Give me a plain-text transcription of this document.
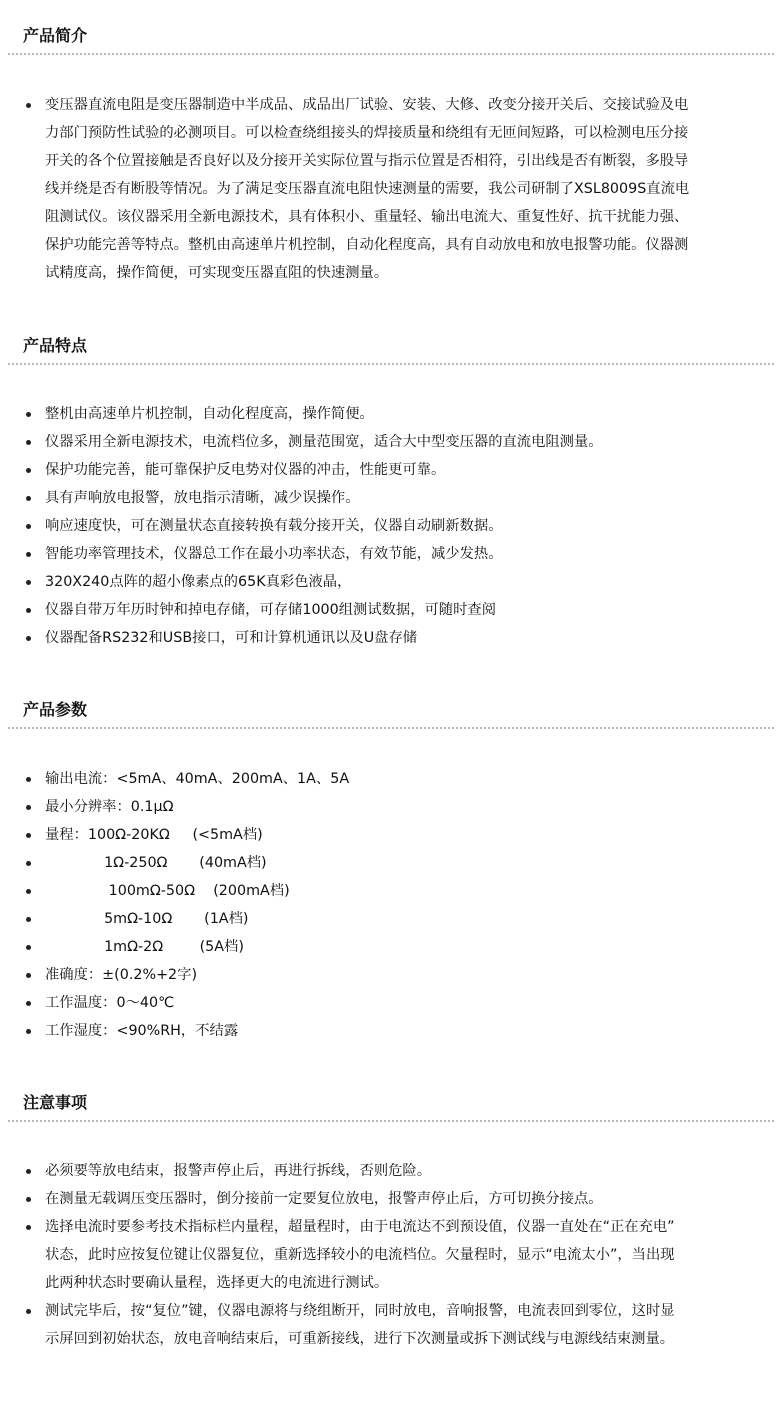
产品简介
变压器直流电阻是变压器制造中半成品、成品出厂试验、安装、大修、改变分接开关后、交接试验及电
力部门预防性试验的必测项目。可以检查绕组接头的焊接质量和绕组有无匝间短路，可以检测电压分接
开关的各个位置接触是否良好以及分接开关实际位置与指示位置是否相符，引出线是否有断裂，多股导
线并绕是否有断股等情况。为了满足变压器直流电阻快速测量的需要，我公司研制了XSL8009S直流电
阻测试仪。该仪器采用全新电源技术，具有体积小、重量轻、输出电流大、重复性好、抗干扰能力强、
保护功能完善等特点。整机由高速单片机控制，自动化程度高，具有自动放电和放电报警功能。仪器测
试精度高，操作简便，可实现变压器直阻的快速测量。
产品特点
整机由高速单片机控制，自动化程度高，操作简便。
仪器采用全新电源技术，电流档位多，测量范围宽，适合大中型变压器的直流电阻测量。
保护功能完善，能可靠保护反电势对仪器的冲击，性能更可靠。
具有声响放电报警，放电指示清晰，减少误操作。
响应速度快，可在测量状态直接转换有载分接开关，仪器自动刷新数据。
智能功率管理技术，仪器总工作在最小功率状态，有效节能，减少发热。
320X240点阵的超小像素点的65K真彩色液晶，
仪器自带万年历时钟和掉电存储，可存储1000组测试数据，可随时查阅
仪器配备RS232和USB接口，可和计算机通讯以及U盘存储
产品参数
输出电流：<5mA、40mA、200mA、1A、5A
最小分辨率：0.1μΩ
量程：100Ω-20KΩ     (<5mA档)
1Ω-250Ω       (40mA档)
100mΩ-50Ω    (200mA档)
5mΩ-10Ω       (1A档)
1mΩ-2Ω        (5A档)
准确度：±(0.2%+2字)
工作温度：0～40℃
工作湿度：<90%RH，不结露
注意事项
必须要等放电结束，报警声停止后，再进行拆线，否则危险。
在测量无载调压变压器时，倒分接前一定要复位放电，报警声停止后，方可切换分接点。
选择电流时要参考技术指标栏内量程，超量程时，由于电流达不到预设值，仪器一直处在“正在充电”
状态，此时应按复位键让仪器复位，重新选择较小的电流档位。欠量程时，显示“电流太小”，当出现
此两种状态时要确认量程，选择更大的电流进行测试。
测试完毕后，按“复位”键，仪器电源将与绕组断开，同时放电，音响报警，电流表回到零位，这时显
示屏回到初始状态，放电音响结束后，可重新接线，进行下次测量或拆下测试线与电源线结束测量。
